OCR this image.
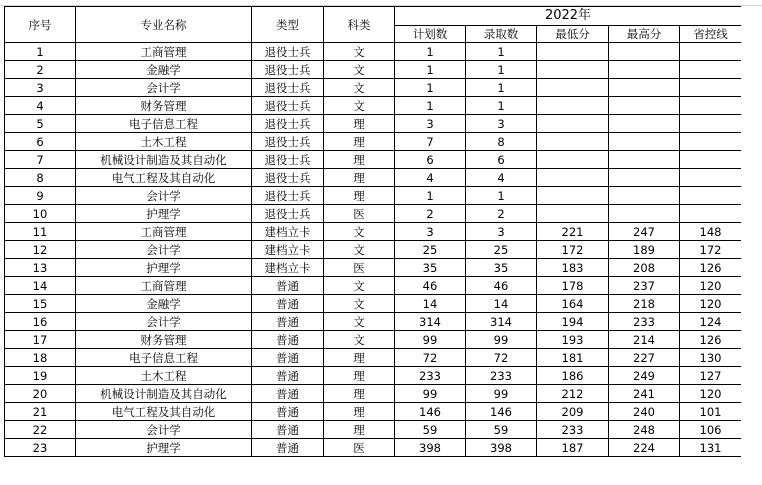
序号	专业名称	类型	科类	2022年				
				计划数	录取数	最低分	最高分	省控线
1	工商管理	退役士兵	文	1	1			
2	金融学	退役士兵	文	1	1			
3	会计学	退役士兵	文	1	1			
4	财务管理	退役士兵	文	1	1			
5	电子信息工程	退役士兵	理	3	3			
6	土木工程	退役士兵	理	7	8			
7	机械设计制造及其自动化	退役士兵	理	6	6			
8	电气工程及其自动化	退役士兵	理	4	4			
9	会计学	退役士兵	理	1	1			
10	护理学	退役士兵	医	2	2			
11	工商管理	建档立卡	文	3	3	221	247	148
12	会计学	建档立卡	文	25	25	172	189	172
13	护理学	建档立卡	医	35	35	183	208	126
14	工商管理	普通	文	46	46	178	237	120
15	金融学	普通	文	14	14	164	218	120
16	会计学	普通	文	314	314	194	233	124
17	财务管理	普通	文	99	99	193	214	126
18	电子信息工程	普通	理	72	72	181	227	130
19	土木工程	普通	理	233	233	186	249	127
20	机械设计制造及其自动化	普通	理	99	99	212	241	120
21	电气工程及其自动化	普通	理	146	146	209	240	101
22	会计学	普通	理	59	59	233	248	106
23	护理学	普通	医	398	398	187	224	131
